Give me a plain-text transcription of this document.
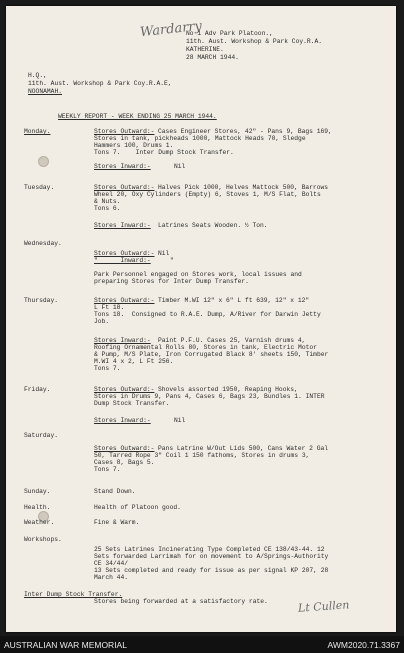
Wardarry
No 1 Adv Park Platoon.,
11th. Aust. Workshop & Park Coy.R.A.
KATHERINE.
28 MARCH 1944.
H.Q.,
11th. Aust. Workshop & Park Coy.R.A.E,
NOONAMAH.
WEEKLY REPORT - WEEK ENDING 25 MARCH 1944.
Monday.	Stores Outward:- Cases Engineer Stores, 42" - Pans 9, Bags 169,
Stores in tank, pickheads 1000, Mattock Heads 70, Sledge
Hammers 100, Drums 1.
Tons 7.    Inter Dump Stock Transfer.
Stores Inward:-	Nil
Tuesday.	Stores Outward:- Halves Pick 1000, Helves Mattock 500, Barrows
Wheel 20, Oxy Cylinders (Empty) 6, Stoves 1, M/S Flat, Bolts
& Nuts.
Tons 6.
Stores Inward:- Latrines Seats Wooden. ½ Ton.
Wednesday.
Stores Outward:- Nil
"      Inward:-	"
Park Personnel engaged on Stores work, local issues and
preparing Stores for Inter Dump Transfer.
Thursday.	Stores Outward:- Timber M.WI 12" x 6" L ft 639, 12" x 12"
L Ft 18.
Tons 18.  Consigned to R.A.E. Dump, A/River for Darwin Jetty
Job.
Stores Inward:- Paint P.F.U. Cases 25, Varnish drums 4,
Roofing Ornamental Rolls 80, Stores in tank, Electric Motor
& Pump, M/S Plate, Iron Corrugated Black 8' sheets 150, Timber
M.WI 4 x 2, L Ft 256.
Tons 7.
Friday.	Stores Outward:- Shovels assorted 1950, Reaping Hooks,
Stores in Drums 9, Pans 4, Cases 6, Bags 23, Bundles 1. INTER
Dump Stock Transfer.
Stores Inward:-	Nil
Saturday.
Stores Outward:- Pans Latrine W/Out Lids 500, Cans Water 2 Gal
50, Tarred Rope 3" Coil 1 150 fathoms, Stores in drums 3,
Cases 8, Bags 5.
Tons 7.
Sunday.	Stand Down.
Health.	Health of Platoon good.
Weather.	Fine & Warm.
Workshops.
25 Sets Latrines Incinerating Type Completed CE 138/43-44. 12
Sets forwarded Larrimah for on movement to A/Springs-Authority
CE 34/44/
13 Sets completed and ready for issue as per signal KP 207, 28
March 44.
Inter Dump Stock Transfer.
Stores being forwarded at a satisfactory rate.	Lt Cullen
AUSTRALIAN WAR MEMORIAL	AWM2020.71.3367
